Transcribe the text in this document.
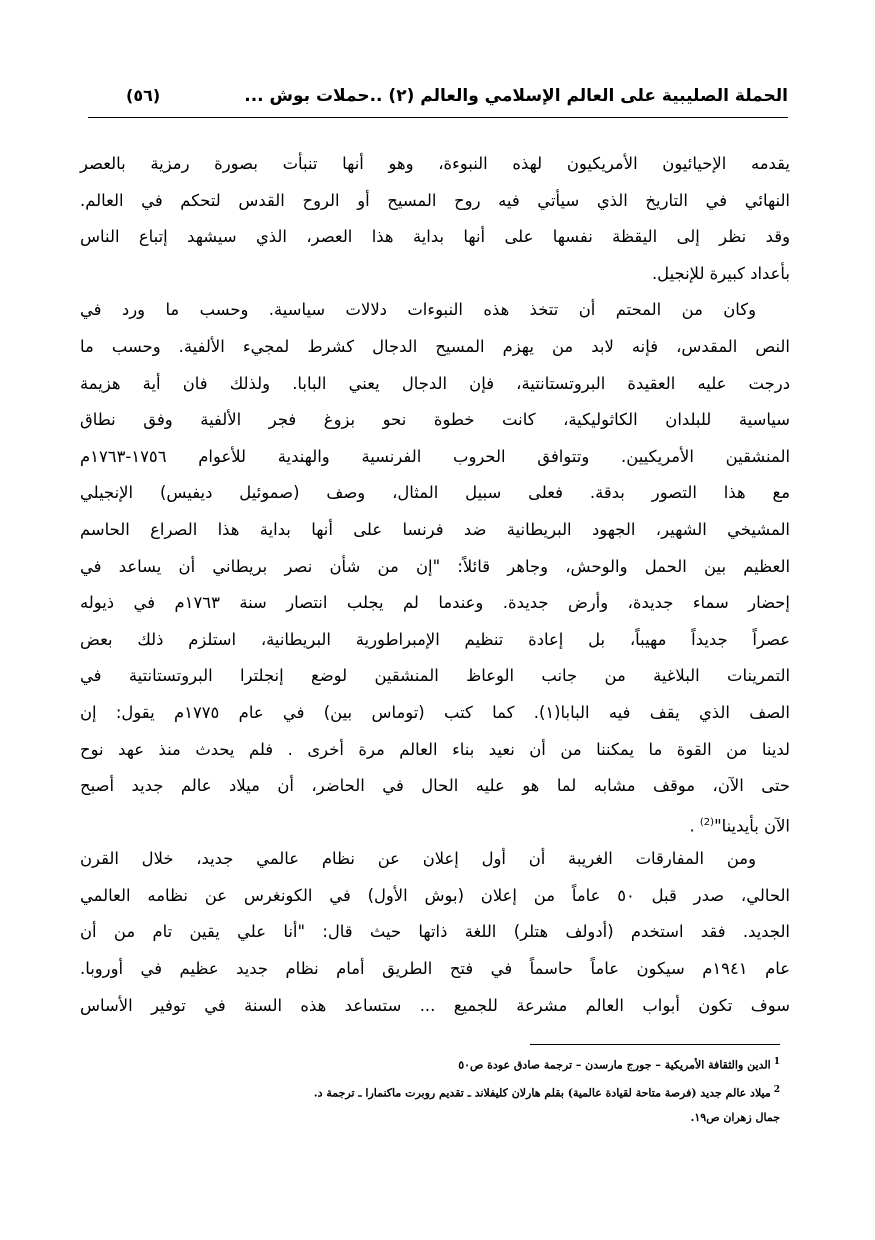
الحملة الصليبية على العالم الإسلامي والعالم (٢) ..حملات بوش ...
(٥٦)
يقدمه الإحيائيون الأمريكيون لهذه النبوءة، وهو أنها تنبأت بصورة رمزية بالعصر
النهائي في التاريخ الذي سيأتي فيه روح المسيح أو الروح القدس لتحكم في العالم.
وقد نظر إلى اليقظة نفسها على أنها بداية هذا العصر، الذي سيشهد إتباع الناس
بأعداد كبيرة للإنجيل.
وكان من المحتم أن تتخذ هذه النبوءات دلالات سياسية. وحسب ما ورد في
النص المقدس، فإنه لابد من يهزم المسيح الدجال كشرط لمجيء الألفية. وحسب ما
درجت عليه العقيدة البروتستانتية، فإن الدجال يعني البابا. ولذلك فان أية هزيمة
سياسية للبلدان الكاثوليكية، كانت خطوة نحو بزوغ فجر الألفية وفق نطاق
المنشقين الأمريكيين. وتتوافق الحروب الفرنسية والهندية للأعوام ١٧٥٦-١٧٦٣م
مع هذا التصور بدقة. فعلى سبيل المثال، وصف (صموئيل ديفيس) الإنجيلي
المشيخي الشهير، الجهود البريطانية ضد فرنسا على أنها بداية هذا الصراع الحاسم
العظيم بين الحمل والوحش، وجاهر قائلاً: "إن من شأن نصر بريطاني أن يساعد في
إحضار سماء جديدة، وأرض جديدة. وعندما لم يجلب انتصار سنة ١٧٦٣م في ذيوله
عصراً جديداً مهيباً، بل إعادة تنظيم الإمبراطورية البريطانية، استلزم ذلك بعض
التمرينات البلاغية من جانب الوعاظ المنشقين لوضع إنجلترا البروتستانتية في
الصف الذي يقف فيه البابا(١). كما كتب (توماس بين) في عام ١٧٧٥م يقول: إن
لدينا من القوة ما يمكننا من أن نعيد بناء العالم مرة أخرى . فلم يحدث منذ عهد نوح
حتى الآن، موقف مشابه لما هو عليه الحال في الحاضر، أن ميلاد عالم جديد أصبح
الآن بأيدينا"$^{(2)}$ .
ومن المفارقات الغريبة أن أول إعلان عن نظام عالمي جديد، خلال القرن
الحالي، صدر قبل ٥٠ عاماً من إعلان (بوش الأول) في الكونغرس عن نظامه العالمي
الجديد. فقد استخدم (أدولف هتلر) اللغة ذاتها حيث قال: "أنا علي يقين تام من أن
عام ١٩٤١م سيكون عاماً حاسماً في فتح الطريق أمام نظام جديد عظيم في أوروبا.
سوف تكون أبواب العالم مشرعة للجميع ... ستساعد هذه السنة في توفير الأساس
$^1$الدين والثقافة الأمريكية – جورج مارسدن – ترجمة صادق عودة ص٥٠
$^2$ميلاد عالم جديد (فرصة متاحة لقيادة عالمية) بقلم هارلان كليفلاند ـ تقديم روبرت ماكنمارا ـ ترجمة د.
جمال زهران ص١٩.
